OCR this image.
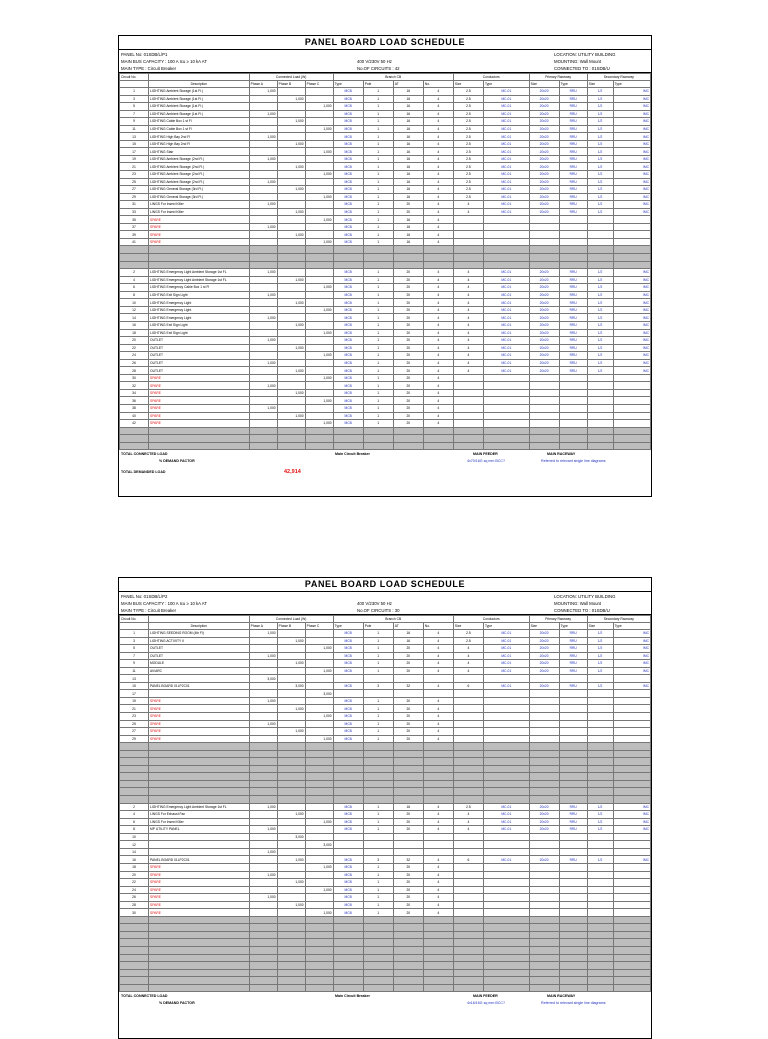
PANEL BOARD LOAD SCHEDULE
PANEL No: 01SDB/L/P1
MAIN BUS CAPACITY : 100 A Icu ≥ 10 kA AT
MAIN TYPE : Circuit Breaker

400 V/230V 50 Hz
No.OF CIRCUITS : 42
LOCATION: UTILITY BUILDING
MOUNTING: Wall Mount
CONNECTED TO : 01SDB/U
Circuit No.		Connected Load (W)			Branch CB				Conductors		Primary Raceway		Secondary Raceway	
	Description	Phase A	Phase B	Phase C	Type	Pole	AT	No.	Size	Type	Size	Type	Size	Type
1	LIGHTING Ambient Storage (1st Fl.)	1,000			MCB	1	16	4	2.5	MC-01	20x20	RRU	1/2	IMC
3	LIGHTING Ambient Storage (1st Fl.)		1,000		MCB	1	16	4	2.5	MC-01	20x20	RRU	1/2	IMC
5	LIGHTING Ambient Storage (1st Fl.)			1,000	MCB	1	16	4	2.5	MC-01	20x20	RRU	1/2	IMC
7	LIGHTING Ambient Storage (1st Fl.)	1,000			MCB	1	16	4	2.5	MC-01	20x20	RRU	1/2	IMC
9	LIGHTING Cable Box 1 st Fl		1,000		MCB	1	16	4	2.5	MC-01	20x20	RRU	1/2	IMC
11	LIGHTING Cable Box 1 st Fl			1,000	MCB	1	16	4	2.5	MC-01	20x20	RRU	1/2	IMC
13	LIGHTING High Bay 2nd Fl	1,000			MCB	1	16	4	2.5	MC-01	20x20	RRU	1/2	IMC
15	LIGHTING High Bay 2nd Fl		1,000		MCB	1	16	4	2.5	MC-01	20x20	RRU	1/2	IMC
17	LIGHTING Stair			1,000	MCB	1	16	4	2.5	MC-01	20x20	RRU	1/2	IMC
19	LIGHTING Ambient Storage (2nd Fl.)	1,000			MCB	1	16	4	2.5	MC-01	20x20	RRU	1/2	IMC
21	LIGHTING Ambient Storage (2nd Fl.)		1,000		MCB	1	16	4	2.5	MC-01	20x20	RRU	1/2	IMC
23	LIGHTING Ambient Storage (2nd Fl.)			1,000	MCB	1	16	4	2.5	MC-01	20x20	RRU	1/2	IMC
25	LIGHTING Ambient Storage (2nd Fl.)	1,000			MCB	1	16	4	2.5	MC-01	20x20	RRU	1/2	IMC
27	LIGHTING General Storage (3rd Fl.)		1,000		MCB	1	16	4	2.5	MC-01	20x20	RRU	1/2	IMC
29	LIGHTING General Storage (3rd Fl.)			1,000	MCB	1	16	4	2.5	MC-01	20x20	RRU	1/2	IMC
31	LINGS For Insect Killer	1,000			MCB	1	20	4	4	MC-01	20x20	RRU	1/2	IMC
33	LINGS For Insect Killer		1,000		MCB	1	20	4	4	MC-01	20x20	RRU	1/2	IMC
35	SPARE			1,000	MCB	1	16	4						
37	SPARE	1,000			MCB	1	16	4						
39	SPARE		1,000		MCB	1	16	4						
41	SPARE			1,000	MCB	1	16	4						

2	LIGHTING Emergency Light Ambient Storage 1st FL	1,000			MCB	1	20	4	4	MC-01	20x20	RRU	1/2	IMC
4	LIGHTING Emergency Light Ambient Storage 1st FL		1,000		MCB	1	20	4	4	MC-01	20x20	RRU	1/2	IMC
6	LIGHTING Emergency Cable Box 1 st Fl			1,000	MCB	1	20	4	4	MC-01	20x20	RRU	1/2	IMC
8	LIGHTING Exit Sign Light	1,000			MCB	1	20	4	4	MC-01	20x20	RRU	1/2	IMC
10	LIGHTING Emergency Light		1,000		MCB	1	20	4	4	MC-01	20x20	RRU	1/2	IMC
12	LIGHTING Emergency Light			1,000	MCB	1	20	4	4	MC-01	20x20	RRU	1/2	IMC
14	LIGHTING Emergency Light	1,000			MCB	1	20	4	4	MC-01	20x20	RRU	1/2	IMC
16	LIGHTING Exit Sign Light		1,000		MCB	1	20	4	4	MC-01	20x20	RRU	1/2	IMC
18	LIGHTING Exit Sign Light			1,000	MCB	1	20	4	4	MC-01	20x20	RRU	1/2	IMC
20	OUTLET	1,000			MCB	1	20	4	4	MC-01	20x20	RRU	1/2	IMC
22	OUTLET		1,000		MCB	1	20	4	4	MC-01	20x20	RRU	1/2	IMC
24	OUTLET			1,000	MCB	1	20	4	4	MC-01	20x20	RRU	1/2	IMC
26	OUTLET	1,000			MCB	1	20	4	4	MC-01	20x20	RRU	1/2	IMC
28	OUTLET		1,000		MCB	1	20	4	4	MC-01	20x20	RRU	1/2	IMC
30	SPARE			1,000	MCB	1	20	4						
32	SPARE	1,000			MCB	1	20	4						
34	SPARE		1,000		MCB	1	20	4						
36	SPARE			1,000	MCB	1	20	4						
38	SPARE	1,000			MCB	1	20	4						
40	SPARE		1,000		MCB	1	20	4						
42	SPARE			1,000	MCB	1	20	4						

TOTAL CONNECTED LOAD
% DEMAND FACTOR
TOTAL DEMANDED LOAD	42,914
Main Circuit Breaker	MAIN FEEDER
4x70/16G sq mm BCC?
MAIN RACEWAY
Referred to relevant single line diagrams
PANEL BOARD LOAD SCHEDULE
PANEL No: 01SDB/L/P2
MAIN BUS CAPACITY : 100 A Icu ≥ 10 kA AT
MAIN TYPE : Circuit Breaker

400 V/230V 50 Hz
No.OF CIRCUITS : 30
LOCATION: UTILITY BUILDING
MOUNTING: Wall Mount
CONNECTED TO : 01SDB/U
Circuit No.		Connected Load (W)			Branch CB				Conductors		Primary Raceway		Secondary Raceway	
	Description	Phase A	Phase B	Phase C	Type	Pole	AT	No.	Size	Type	Size	Type	Size	Type
1	LIGHTING SEEDING ROOM (4th Fl)	1,000			MCB	1	16	4	2.5	MC-01	20x20	RRU	1/2	IMC
3	LIGHTING ACTIVITY II		1,000		MCB	1	16	4	2.5	MC-01	20x20	RRU	1/2	IMC
5	OUTLET			1,000	MCB	1	20	4	4	MC-01	20x20	RRU	1/2	IMC
7	OUTLET	1,000			MCB	1	20	4	4	MC-01	20x20	RRU	1/2	IMC
9	MODULE		1,000		MCB	1	20	4	4	MC-01	20x20	RRU	1/2	IMC
11	AV/ARC			1,000	MCB	1	20	4	4	MC-01	20x20	RRU	1/2	IMC
13		3,000												
15	PANEL BOARD 01LP2C01		3,000		MCB	3	32	4	6	MC-01	20x20	RRU	1/2	IMC
17				3,000										
19	SPARE	1,000			MCB	1	20	4						
21	SPARE		1,000		MCB	1	20	4						
23	SPARE			1,000	MCB	1	20	4						
25	SPARE	1,000			MCB	1	20	4						
27	SPARE		1,000		MCB	1	20	4						
29	SPARE			1,000	MCB	1	20	4						

2	LIGHTING Emergency Light Ambient Storage 1st FL	1,000			MCB	1	16	4	2.5	MC-01	20x20	RRU	1/2	IMC
4	LINGS For Exhaust Fan		1,000		MCB	1	20	4	4	MC-01	20x20	RRU	1/2	IMC
6	LINGS For Insect Killer			1,000	MCB	1	20	4	4	MC-01	20x20	RRU	1/2	IMC
8	MP UTILITY PANEL	1,000			MCB	1	20	4	4	MC-01	20x20	RRU	1/2	IMC
10			3,000											
12				3,000										
14		1,000												
16	PANEL BOARD 01LP2C01		1,000		MCB	3	32	4	6	MC-01	20x20	RRU	1/2	IMC
18	SPARE			1,000	MCB	1	20	4						
20	SPARE	1,000			MCB	1	20	4						
22	SPARE		1,000		MCB	1	20	4						
24	SPARE			1,000	MCB	1	20	4						
26	SPARE	1,000			MCB	1	20	4						
28	SPARE		1,000		MCB	1	20	4						
30	SPARE			1,000	MCB	1	20	4						

TOTAL CONNECTED LOAD
% DEMAND FACTOR
Main Circuit Breaker	MAIN FEEDER
4x16/16G sq mm BCC?
MAIN RACEWAY
Referred to relevant single line diagrams
